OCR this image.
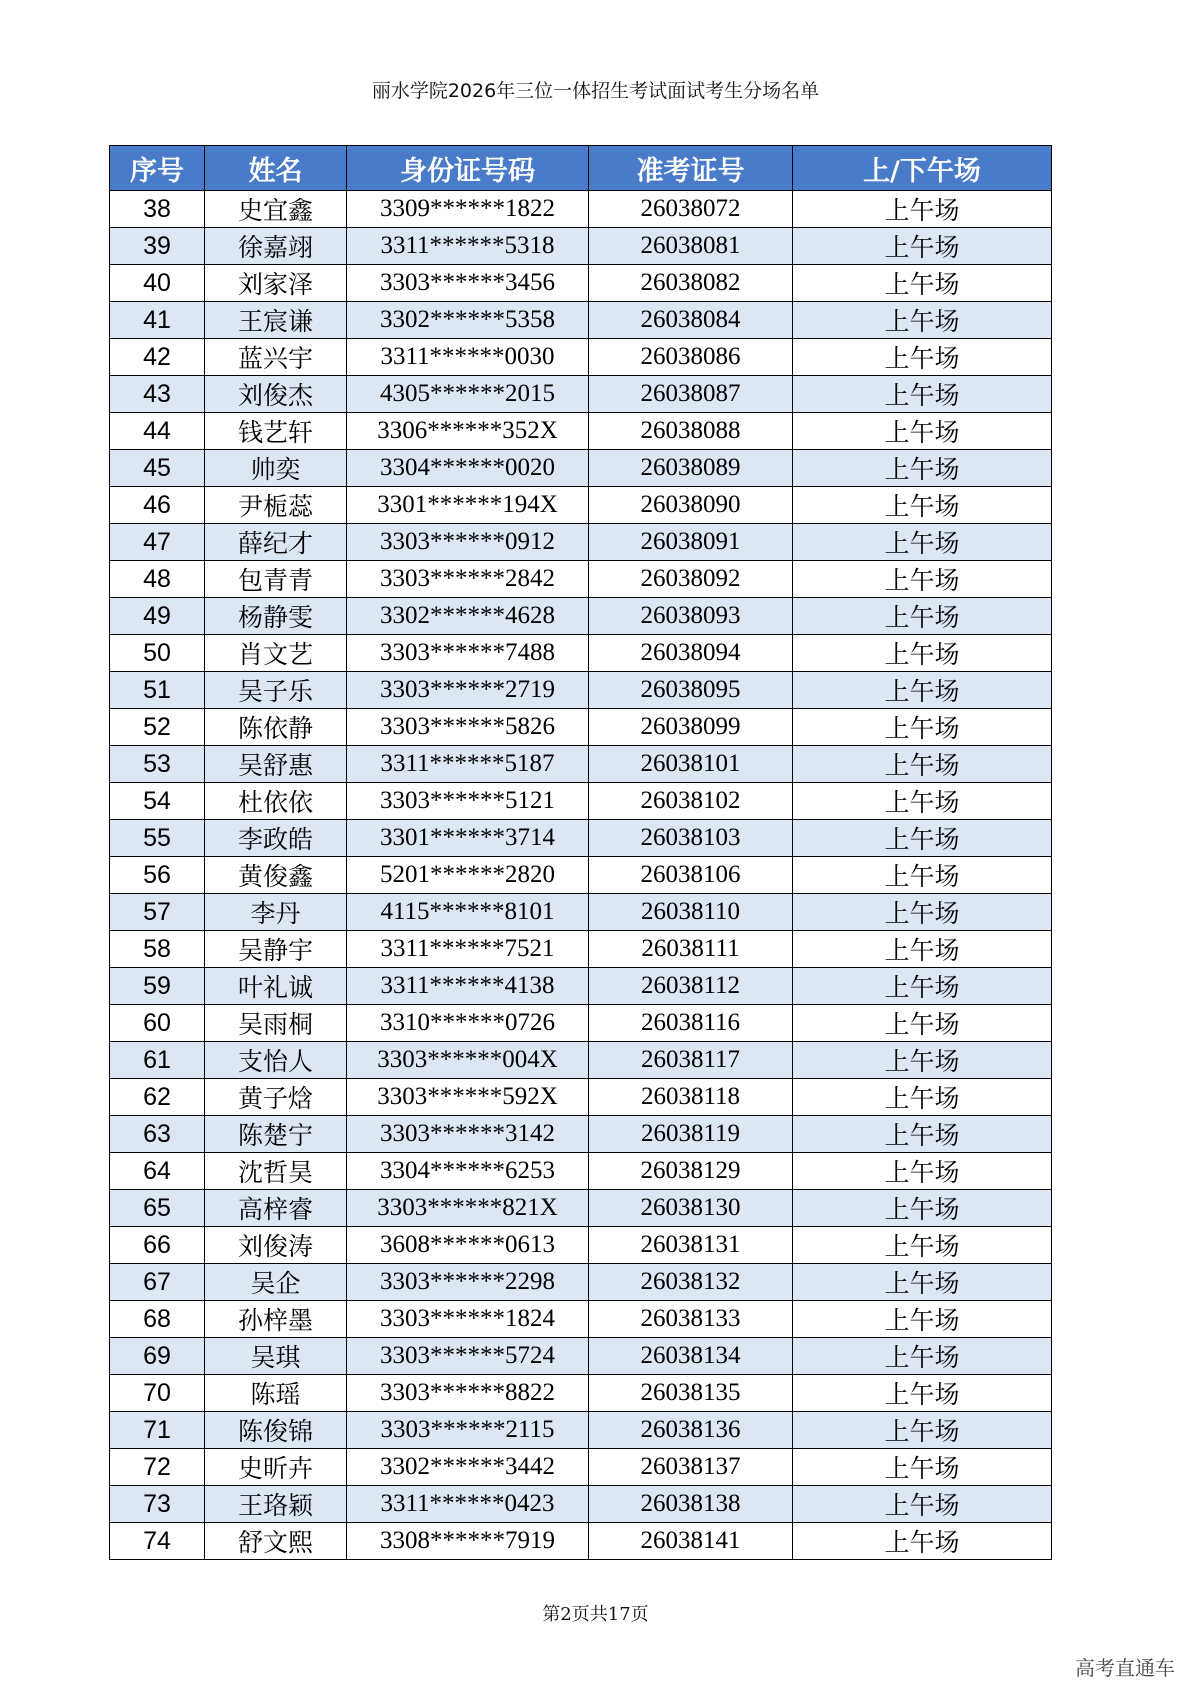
丽水学院2026年三位一体招生考试面试考生分场名单
序号	姓名	身份证号码	准考证号	上/下午场
38	史宜鑫	3309******1822	26038072	上午场
39	徐嘉翊	3311******5318	26038081	上午场
40	刘家泽	3303******3456	26038082	上午场
41	王宸谦	3302******5358	26038084	上午场
42	蓝兴宇	3311******0030	26038086	上午场
43	刘俊杰	4305******2015	26038087	上午场
44	钱艺轩	3306******352X	26038088	上午场
45	帅奕	3304******0020	26038089	上午场
46	尹栀蕊	3301******194X	26038090	上午场
47	薛纪才	3303******0912	26038091	上午场
48	包青青	3303******2842	26038092	上午场
49	杨静雯	3302******4628	26038093	上午场
50	肖文艺	3303******7488	26038094	上午场
51	吴子乐	3303******2719	26038095	上午场
52	陈依静	3303******5826	26038099	上午场
53	吴舒惠	3311******5187	26038101	上午场
54	杜依依	3303******5121	26038102	上午场
55	李政皓	3301******3714	26038103	上午场
56	黄俊鑫	5201******2820	26038106	上午场
57	李丹	4115******8101	26038110	上午场
58	吴静宇	3311******7521	26038111	上午场
59	叶礼诚	3311******4138	26038112	上午场
60	吴雨桐	3310******0726	26038116	上午场
61	支怡人	3303******004X	26038117	上午场
62	黄子焓	3303******592X	26038118	上午场
63	陈楚宁	3303******3142	26038119	上午场
64	沈哲昊	3304******6253	26038129	上午场
65	高梓睿	3303******821X	26038130	上午场
66	刘俊涛	3608******0613	26038131	上午场
67	吴企	3303******2298	26038132	上午场
68	孙梓墨	3303******1824	26038133	上午场
69	吴琪	3303******5724	26038134	上午场
70	陈瑶	3303******8822	26038135	上午场
71	陈俊锦	3303******2115	26038136	上午场
72	史昕卉	3302******3442	26038137	上午场
73	王珞颖	3311******0423	26038138	上午场
74	舒文熙	3308******7919	26038141	上午场
第2页共17页
高考直通车
